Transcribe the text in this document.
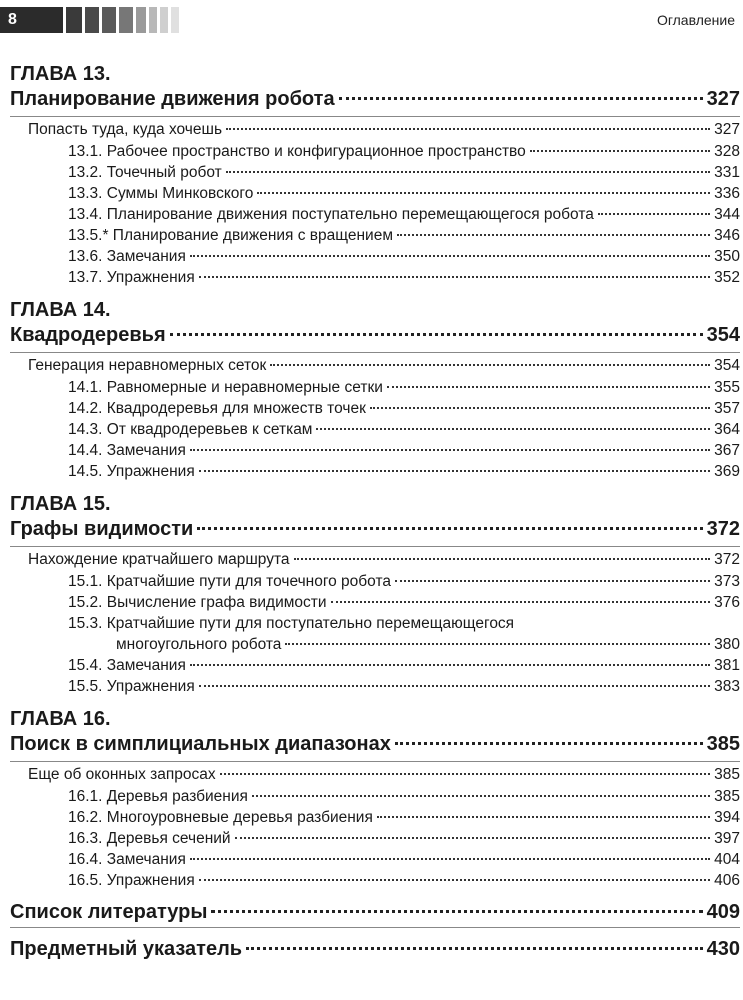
8	Оглавление
ГЛАВА 13.
Планирование движения робота	327
Попасть туда, куда хочешь	327
13.1. Рабочее пространство и конфигурационное пространство	328
13.2. Точечный робот	331
13.3. Суммы Минковского	336
13.4. Планирование движения поступательно перемещающегося робота	344
13.5.* Планирование движения с вращением	346
13.6. Замечания	350
13.7. Упражнения	352
ГЛАВА 14.
Квадродеревья	354
Генерация неравномерных сеток	354
14.1. Равномерные и неравномерные сетки	355
14.2. Квадродеревья для множеств точек	357
14.3. От квадродеревьев к сеткам	364
14.4. Замечания	367
14.5. Упражнения	369
ГЛАВА 15.
Графы видимости	372
Нахождение кратчайшего маршрута	372
15.1. Кратчайшие пути для точечного робота	373
15.2. Вычисление графа видимости	376
15.3. Кратчайшие пути для поступательно перемещающегося
многоугольного робота	380
15.4. Замечания	381
15.5. Упражнения	383
ГЛАВА 16.
Поиск в симплициальных диапазонах	385
Еще об оконных запросах	385
16.1. Деревья разбиения	385
16.2. Многоуровневые деревья разбиения	394
16.3. Деревья сечений	397
16.4. Замечания	404
16.5. Упражнения	406
Список литературы	409
Предметный указатель	430
